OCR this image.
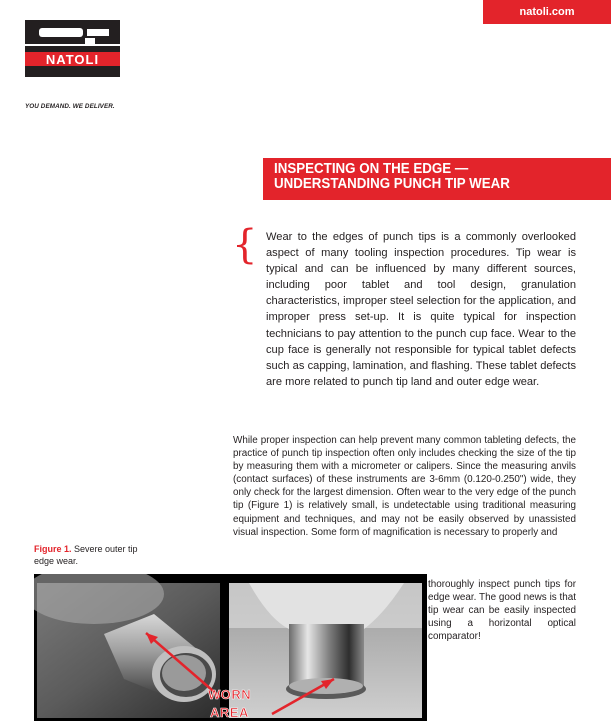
natoli.com
NATOLI
YOU DEMAND. WE DELIVER.
INSPECTING ON THE EDGE —
UNDERSTANDING PUNCH TIP WEAR
{ Wear to the edges of punch tips is a commonly overlooked aspect of many tooling inspection procedures. Tip wear is typical and can be influenced by many different sources, including poor tablet and tool design, granulation characteristics, improper steel selection for the application, and improper press set-up. It is quite typical for inspection technicians to pay attention to the punch cup face. Wear to the cup face is generally not responsible for typical tablet defects such as capping, lamination, and flashing. These tablet defects are more related to punch tip land and outer edge wear.
While proper inspection can help prevent many common tableting defects, the practice of punch tip inspection often only includes checking the size of the tip by measuring them with a micrometer or calipers. Since the measuring anvils (contact surfaces) of these instruments are 3-6mm (0.120-0.250") wide, they only check for the largest dimension. Often wear to the very edge of the punch tip (Figure 1) is relatively small, is undetectable using traditional measuring equipment and techniques, and may not be easily observed by unassisted visual inspection. Some form of magnification is necessary to properly and
thoroughly inspect punch tips for edge wear. The good news is that tip wear can be easily inspected using a horizontal optical comparator!
Figure 1. Severe outer tip edge wear.
WORN
AREA
